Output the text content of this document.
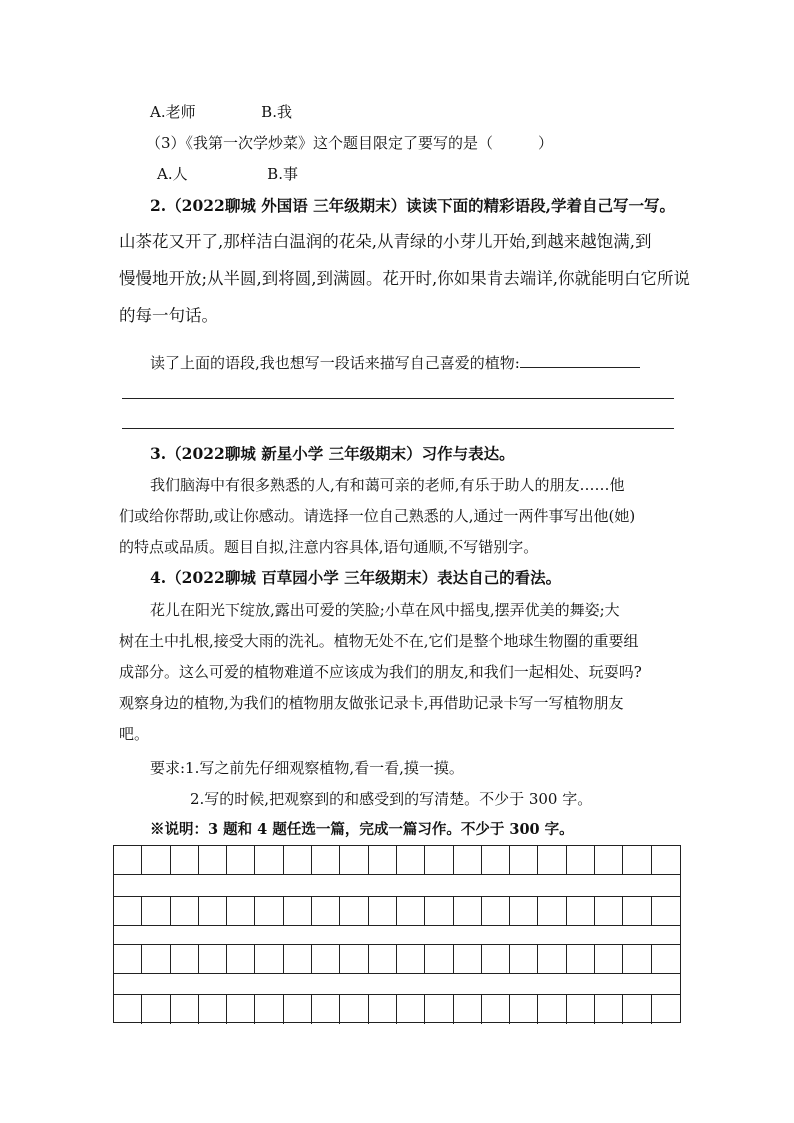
A.老师	B.我
（3）《我第一次学炒菜》这个题目限定了要写的是（　　　）
A.人	B.事
2.（2022聊城 外国语 三年级期末）读读下面的精彩语段,学着自己写一写。
山茶花又开了,那样洁白温润的花朵,从青绿的小芽儿开始,到越来越饱满,到
慢慢地开放;从半圆,到将圆,到满圆。花开时,你如果肯去端详,你就能明白它所说
的每一句话。
读了上面的语段,我也想写一段话来描写自己喜爱的植物:
3.（2022聊城 新星小学 三年级期末）习作与表达。
我们脑海中有很多熟悉的人,有和蔼可亲的老师,有乐于助人的朋友……他
们或给你帮助,或让你感动。请选择一位自己熟悉的人,通过一两件事写出他(她)
的特点或品质。题目自拟,注意内容具体,语句通顺,不写错别字。
4.（2022聊城 百草园小学 三年级期末）表达自己的看法。
花儿在阳光下绽放,露出可爱的笑脸;小草在风中摇曳,摆弄优美的舞姿;大
树在土中扎根,接受大雨的洗礼。植物无处不在,它们是整个地球生物圈的重要组
成部分。这么可爱的植物难道不应该成为我们的朋友,和我们一起相处、玩耍吗?
观察身边的植物,为我们的植物朋友做张记录卡,再借助记录卡写一写植物朋友
吧。
要求:1.写之前先仔细观察植物,看一看,摸一摸。
2.写的时候,把观察到的和感受到的写清楚。不少于 300 字。
※说明：3 题和 4 题任选一篇，完成一篇习作。不少于 300 字。
